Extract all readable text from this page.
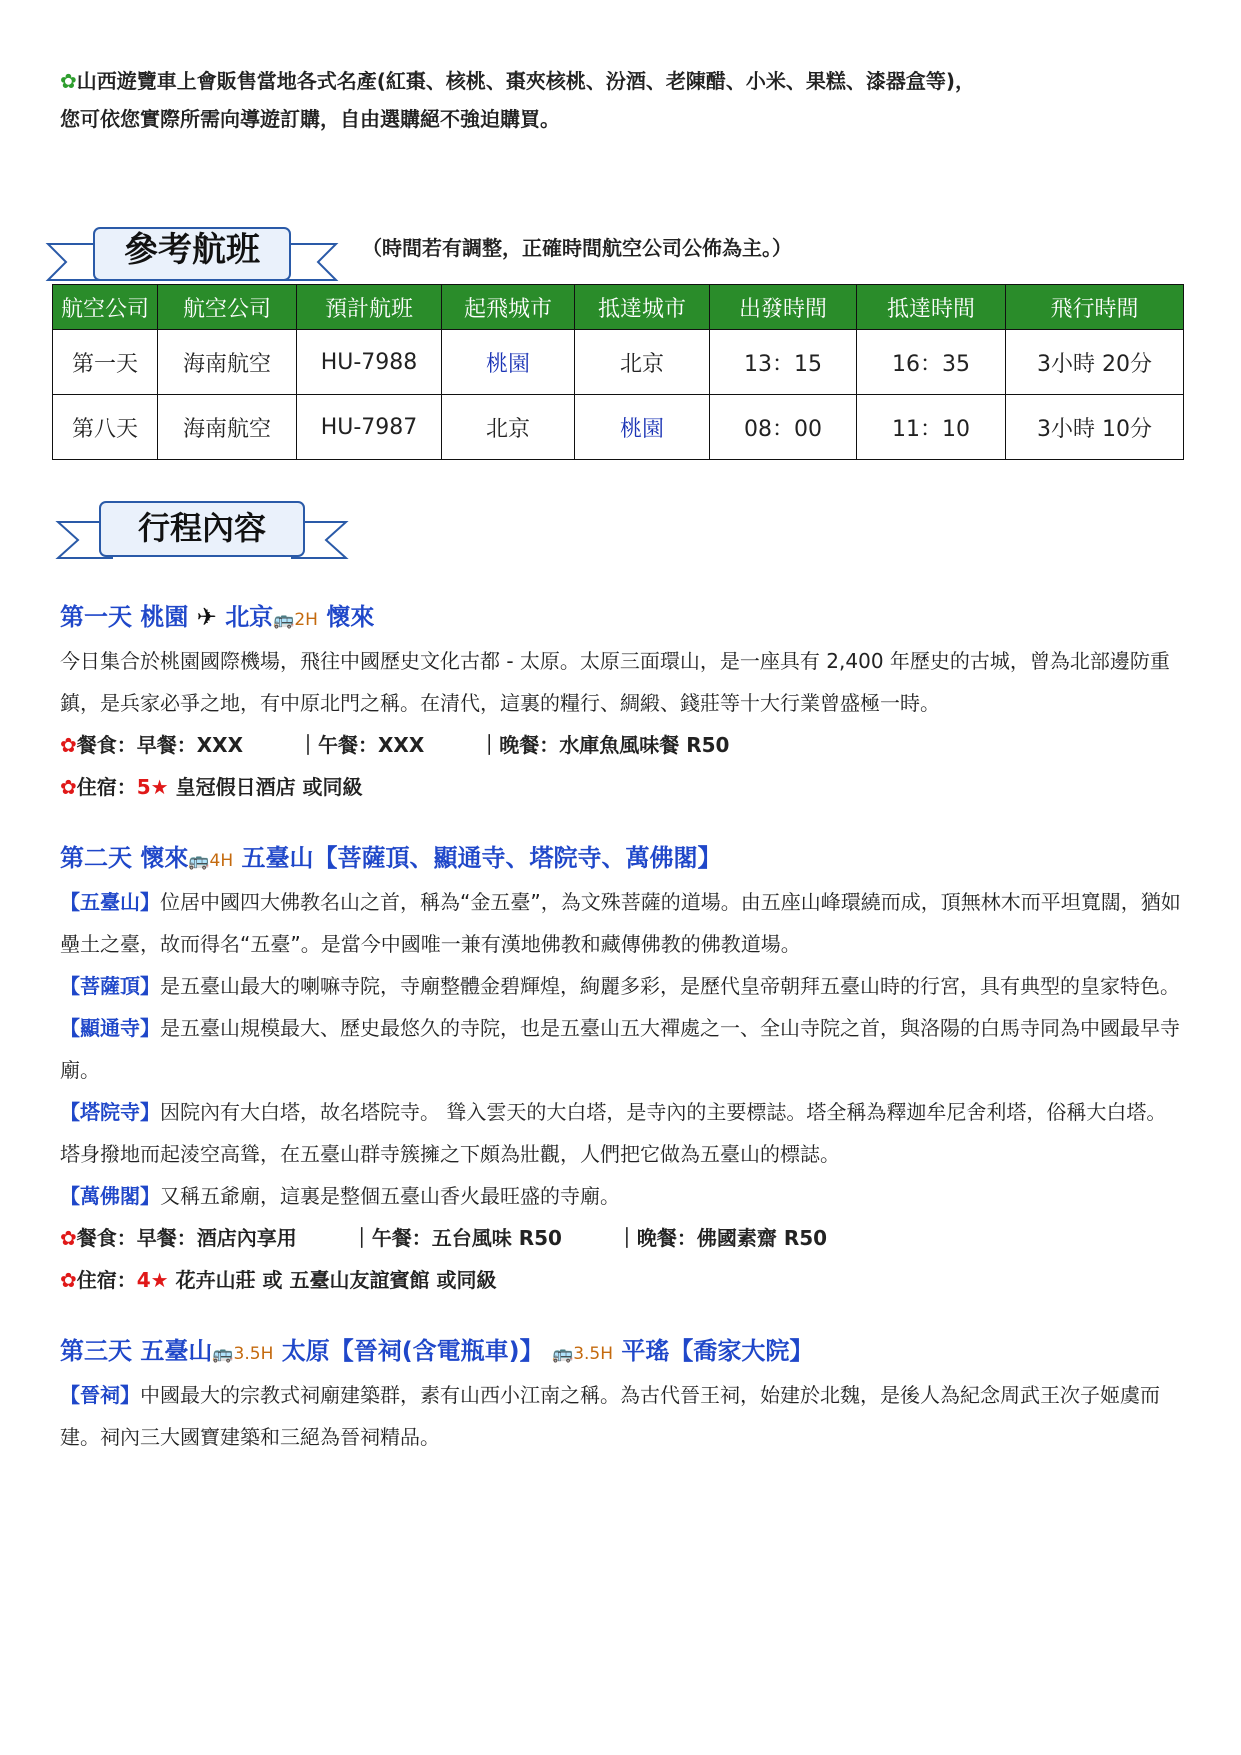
✿山西遊覽車上會販售當地各式名產(紅棗、核桃、棗夾核桃、汾酒、老陳醋、小米、果糕、漆器盒等)，
您可依您實際所需向導遊訂購，自由選購絕不強迫購買。
參考航班	（時間若有調整，正確時間航空公司公佈為主。）
航空公司	航空公司	預計航班	起飛城市	抵達城市	出發時間	抵達時間	飛行時間
第一天	海南航空	HU-7988	桃園	北京	13：15	16：35	3小時 20分
第八天	海南航空	HU-7987	北京	桃園	08：00	11：10	3小時 10分
行程內容
第一天 桃園 ✈ 北京🚌2H 懷來
今日集合於桃園國際機場，飛往中國歷史文化古都 - 太原。太原三面環山，是一座具有 2,400 年歷史的古城，曾為北部邊防重鎮，是兵家必爭之地，有中原北門之稱。在清代，這裏的糧行、綢緞、錢莊等十大行業曾盛極一時。
✿餐食：早餐：XXX	｜午餐：XXX	｜晚餐：水庫魚風味餐 R50
✿住宿：5★ 皇冠假日酒店 或同級
第二天 懷來🚌4H 五臺山【菩薩頂、顯通寺、塔院寺、萬佛閣】
【五臺山】位居中國四大佛教名山之首，稱為“金五臺”，為文殊菩薩的道場。由五座山峰環繞而成，頂無林木而平坦寬闊，猶如壘土之臺，故而得名“五臺”。是當今中國唯一兼有漢地佛教和藏傳佛教的佛教道場。
【菩薩頂】是五臺山最大的喇嘛寺院，寺廟整體金碧輝煌，絢麗多彩，是歷代皇帝朝拜五臺山時的行宮，具有典型的皇家特色。
【顯通寺】是五臺山規模最大、歷史最悠久的寺院，也是五臺山五大禪處之一、全山寺院之首，與洛陽的白馬寺同為中國最早寺廟。
【塔院寺】因院內有大白塔，故名塔院寺。 聳入雲天的大白塔，是寺內的主要標誌。塔全稱為釋迦牟尼舍利塔，俗稱大白塔。塔身撥地而起淩空高聳，在五臺山群寺簇擁之下頗為壯觀，人們把它做為五臺山的標誌。
【萬佛閣】又稱五爺廟，這裏是整個五臺山香火最旺盛的寺廟。
✿餐食：早餐：酒店內享用	｜午餐：五台風味 R50	｜晚餐：佛國素齋 R50
✿住宿：4★ 花卉山莊 或 五臺山友誼賓館 或同級
第三天 五臺山🚌3.5H 太原【晉祠(含電瓶車)】 🚌3.5H 平瑤【喬家大院】
【晉祠】中國最大的宗教式祠廟建築群，素有山西小江南之稱。為古代晉王祠，始建於北魏，是後人為紀念周武王次子姬虞而建。祠內三大國寶建築和三絕為晉祠精品。
